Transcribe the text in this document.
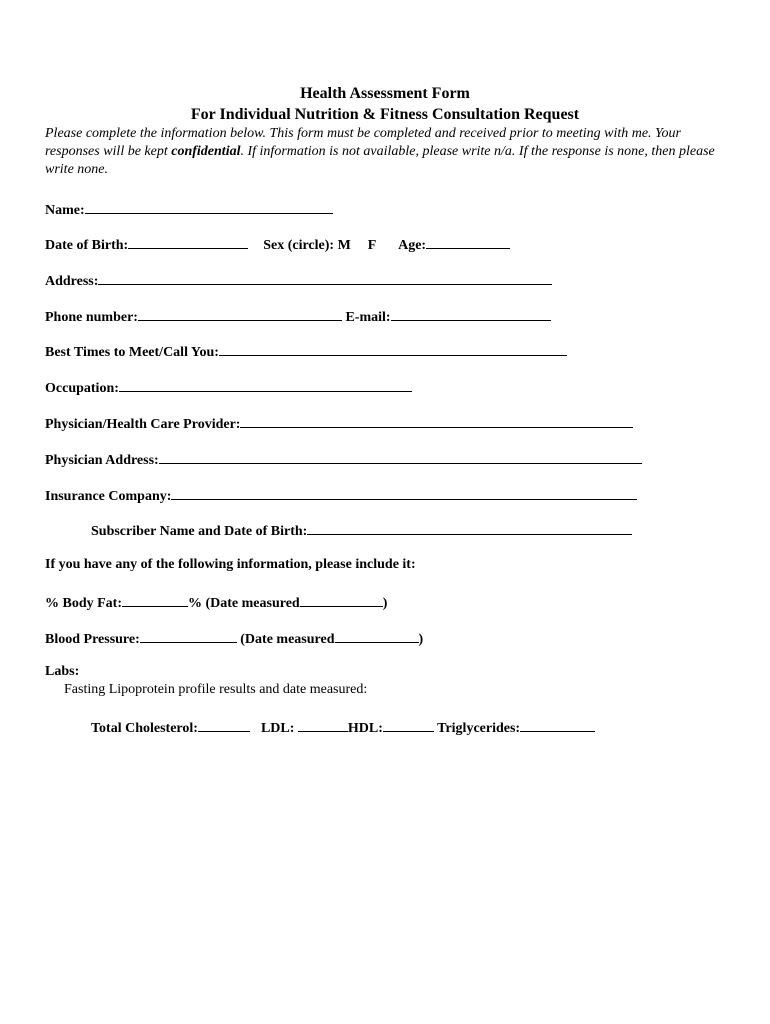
Health Assessment Form
For Individual Nutrition & Fitness Consultation Request
Please complete the information below. This form must be completed and received prior to meeting with me. Your responses will be kept confidential. If information is not available, please write n/a. If the response is none, then please write none.
Name:
Date of Birth:	Sex (circle): M F Age:
Address:
Phone number:	E-mail:
Best Times to Meet/Call You:
Occupation:
Physician/Health Care Provider:
Physician Address:
Insurance Company:
Subscriber Name and Date of Birth:
If you have any of the following information, please include it:
% Body Fat:	% (Date measured	)
Blood Pressure:	(Date measured	)
Labs:
Fasting Lipoprotein profile results and date measured:
Total Cholesterol:	LDL:	HDL:	Triglycerides:
